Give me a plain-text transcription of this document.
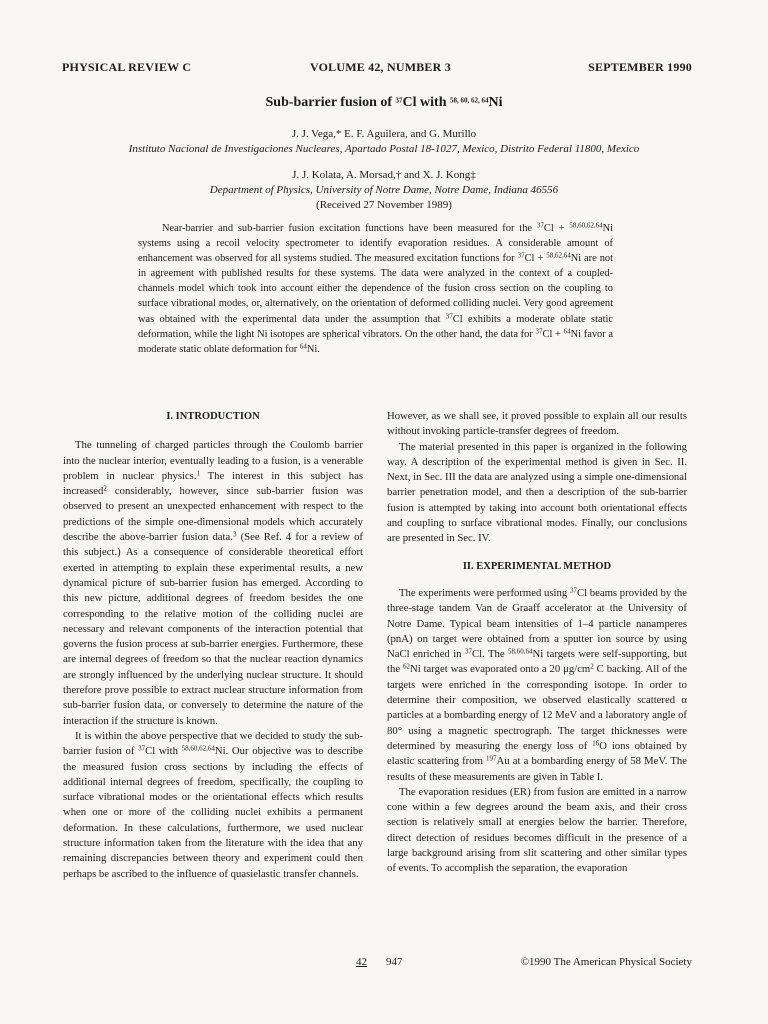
PHYSICAL REVIEW C	VOLUME 42, NUMBER 3	SEPTEMBER 1990
Sub-barrier fusion of $^{37}$Cl with $^{58, 60, 62, 64}$Ni
J. J. Vega,* E. F. Aguilera, and G. Murillo
Instituto Nacional de Investigaciones Nucleares, Apartado Postal 18-1027, Mexico, Distrito Federal 11800, Mexico
J. J. Kolata, A. Morsad,† and X. J. Kong‡
Department of Physics, University of Notre Dame, Notre Dame, Indiana 46556
(Received 27 November 1989)

Near-barrier and sub-barrier fusion excitation functions have been measured for the $^{37}$Cl + $^{58,60,62,64}$Ni systems using a recoil velocity spectrometer to identify evaporation residues. A considerable amount of enhancement was observed for all systems studied. The measured excitation functions for $^{37}$Cl + $^{58,62,64}$Ni are not in agreement with published results for these systems. The data were analyzed in the context of a coupled-channels model which took into account either the dependence of the fusion cross section on the coupling to surface vibrational modes, or, alternatively, on the orientation of deformed colliding nuclei. Very good agreement was obtained with the experimental data under the assumption that $^{37}$Cl exhibits a moderate oblate static deformation, while the light Ni isotopes are spherical vibrators. On the other hand, the data for $^{37}$Cl + $^{64}$Ni favor a moderate static oblate deformation for $^{64}$Ni.

I. INTRODUCTION

The tunneling of charged particles through the Coulomb barrier into the nuclear interior, eventually leading to a fusion, is a venerable problem in nuclear physics.$^1$ The interest in this subject has increased$^2$ considerably, however, since sub-barrier fusion was observed to present an unexpected enhancement with respect to the predictions of the simple one-dimensional models which accurately describe the above-barrier fusion data.$^3$ (See Ref. 4 for a review of this subject.) As a consequence of considerable theoretical effort exerted in attempting to explain these experimental results, a new dynamical picture of sub-barrier fusion has emerged. According to this new picture, additional degrees of freedom besides the one corresponding to the relative motion of the colliding nuclei are necessary and relevant components of the interaction potential that governs the fusion process at sub-barrier energies. Furthermore, these are internal degrees of freedom so that the nuclear reaction dynamics are strongly influenced by the underlying nuclear structure. It should therefore prove possible to extract nuclear structure information from sub-barrier fusion data, or conversely to determine the nature of the interaction if the structure is known.

It is within the above perspective that we decided to study the sub-barrier fusion of $^{37}$Cl with $^{58,60,62,64}$Ni. Our objective was to describe the measured fusion cross sections by including the effects of additional internal degrees of freedom, specifically, the coupling to surface vibrational modes or the orientational effects which results when one or more of the colliding nuclei exhibits a permanent deformation. In these calculations, furthermore, we used nuclear structure information taken from the literature with the idea that any remaining discrepancies between theory and experiment could then perhaps be ascribed to the influence of quasielastic transfer channels.

However, as we shall see, it proved possible to explain all our results without invoking particle-transfer degrees of freedom.

The material presented in this paper is organized in the following way. A description of the experimental method is given in Sec. II. Next, in Sec. III the data are analyzed using a simple one-dimensional barrier penetration model, and then a description of the sub-barrier fusion is attempted by taking into account both orientational effects and coupling to surface vibrational modes. Finally, our conclusions are presented in Sec. IV.

II. EXPERIMENTAL METHOD

The experiments were performed using $^{37}$Cl beams provided by the three-stage tandem Van de Graaff accelerator at the University of Notre Dame. Typical beam intensities of 1–4 particle nanamperes (pnA) on target were obtained from a sputter ion source by using NaCl enriched in $^{37}$Cl. The $^{58,60,64}$Ni targets were self-supporting, but the $^{62}$Ni target was evaporated onto a 20 $\mu g/cm^2$ C backing. All of the targets were enriched in the corresponding isotope. In order to determine their composition, we observed elastically scattered α particles at a bombarding energy of 12 MeV and a laboratory angle of 80° using a magnetic spectrograph. The target thicknesses were determined by measuring the energy loss of $^{16}$O ions obtained by elastic scattering from $^{197}$Au at a bombarding energy of 58 MeV. The results of these measurements are given in Table I.

The evaporation residues (ER) from fusion are emitted in a narrow cone within a few degrees around the beam axis, and their cross section is relatively small at energies below the barrier. Therefore, direct detection of residues becomes difficult in the presence of a large background arising from slit scattering and other similar types of events. To accomplish the separation, the evaporation

42 947	©1990 The American Physical Society
